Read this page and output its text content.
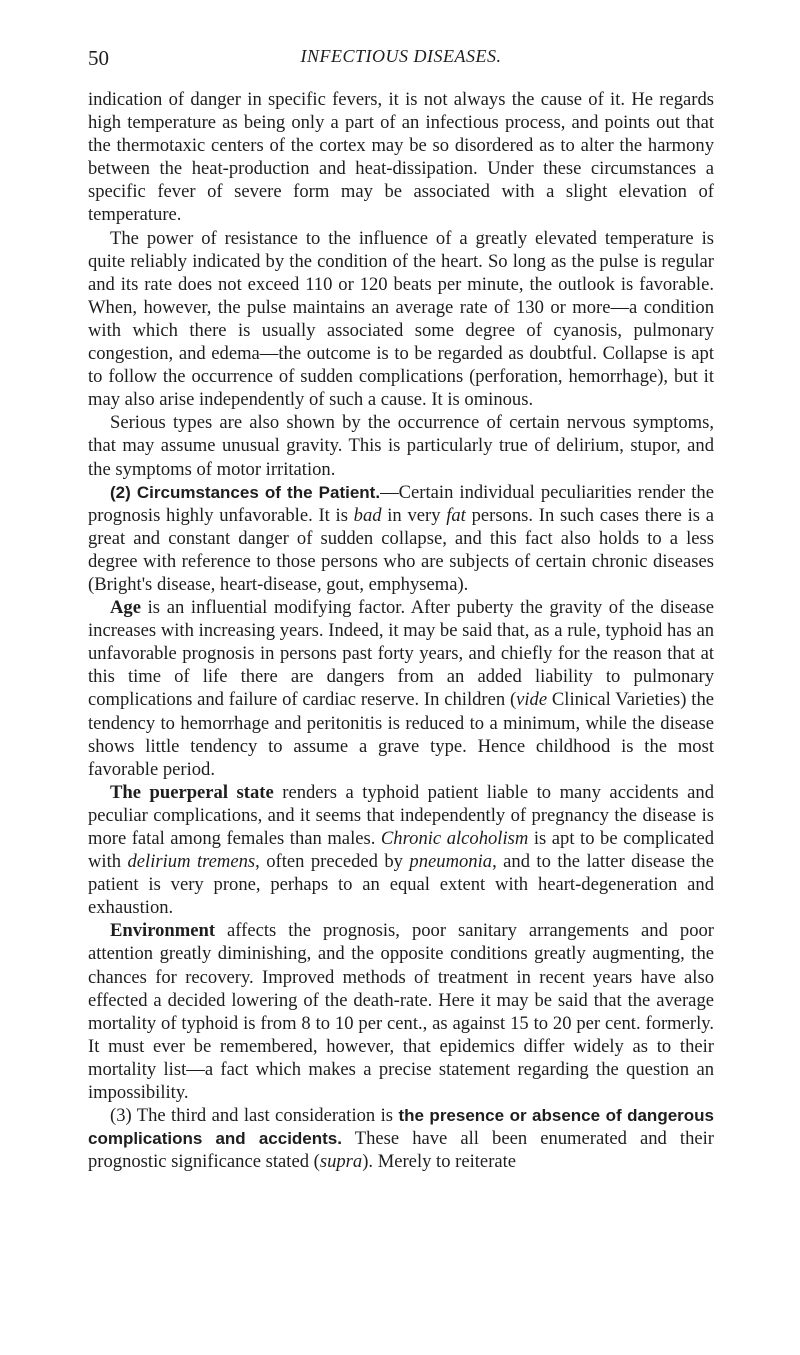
50	INFECTIOUS DISEASES.

indication of danger in specific fevers, it is not always the cause of it. He regards high temperature as being only a part of an infectious process, and points out that the thermotaxic centers of the cortex may be so disordered as to alter the harmony between the heat-production and heat-dissipation. Under these circumstances a specific fever of severe form may be associated with a slight elevation of temperature.

The power of resistance to the influence of a greatly elevated temperature is quite reliably indicated by the condition of the heart. So long as the pulse is regular and its rate does not exceed 110 or 120 beats per minute, the outlook is favorable. When, however, the pulse maintains an average rate of 130 or more—a condition with which there is usually associated some degree of cyanosis, pulmonary congestion, and edema—the outcome is to be regarded as doubtful. Collapse is apt to follow the occurrence of sudden complications (perforation, hemorrhage), but it may also arise independently of such a cause. It is ominous.

Serious types are also shown by the occurrence of certain nervous symptoms, that may assume unusual gravity. This is particularly true of delirium, stupor, and the symptoms of motor irritation.

(2) Circumstances of the Patient.—Certain individual peculiarities render the prognosis highly unfavorable. It is bad in very fat persons. In such cases there is a great and constant danger of sudden collapse, and this fact also holds to a less degree with reference to those persons who are subjects of certain chronic diseases (Bright's disease, heart-disease, gout, emphysema).

Age is an influential modifying factor. After puberty the gravity of the disease increases with increasing years. Indeed, it may be said that, as a rule, typhoid has an unfavorable prognosis in persons past forty years, and chiefly for the reason that at this time of life there are dangers from an added liability to pulmonary complications and failure of cardiac reserve. In children (vide Clinical Varieties) the tendency to hemorrhage and peritonitis is reduced to a minimum, while the disease shows little tendency to assume a grave type. Hence childhood is the most favorable period.

The puerperal state renders a typhoid patient liable to many accidents and peculiar complications, and it seems that independently of pregnancy the disease is more fatal among females than males. Chronic alcoholism is apt to be complicated with delirium tremens, often preceded by pneumonia, and to the latter disease the patient is very prone, perhaps to an equal extent with heart-degeneration and exhaustion.

Environment affects the prognosis, poor sanitary arrangements and poor attention greatly diminishing, and the opposite conditions greatly augmenting, the chances for recovery. Improved methods of treatment in recent years have also effected a decided lowering of the death-rate. Here it may be said that the average mortality of typhoid is from 8 to 10 per cent., as against 15 to 20 per cent. formerly. It must ever be remembered, however, that epidemics differ widely as to their mortality list—a fact which makes a precise statement regarding the question an impossibility.

(3) The third and last consideration is the presence or absence of dangerous complications and accidents. These have all been enumerated and their prognostic significance stated (supra). Merely to reiterate
